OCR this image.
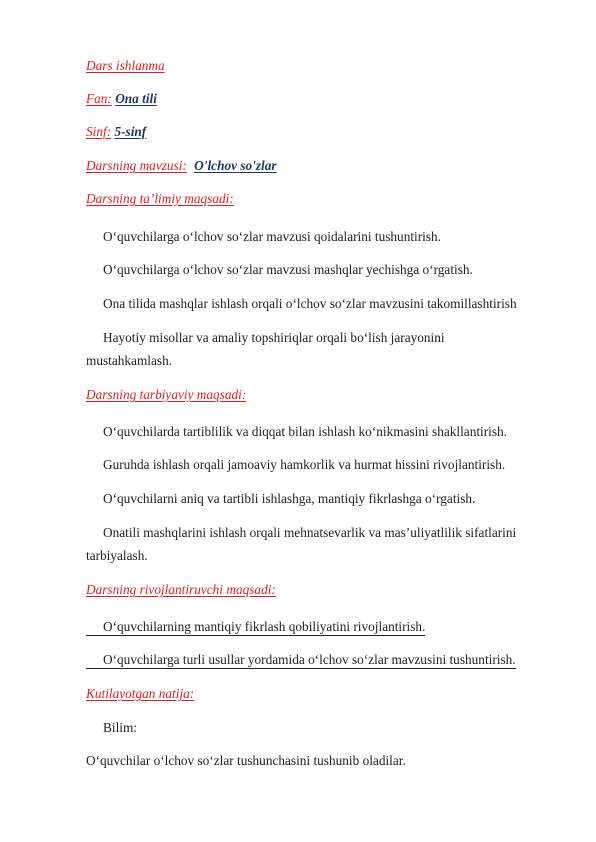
Dars ishlanma
Fan: Ona tili
Sinf: 5-sinf
Darsning mavzusi: O'lchov so'zlar
Darsning ta’limiy maqsadi:
O‘quvchilarga o‘lchov so‘zlar mavzusi qoidalarini tushuntirish.
O‘quvchilarga o‘lchov so‘zlar mavzusi mashqlar yechishga o‘rgatish.
Ona tilida mashqlar ishlash orqali o‘lchov so‘zlar mavzusini takomillashtirish
Hayotiy misollar va amaliy topshiriqlar orqali bo‘lish jarayonini
mustahkamlash.
Darsning tarbiyaviy maqsadi:
O‘quvchilarda tartiblilik va diqqat bilan ishlash ko‘nikmasini shakllantirish.
Guruhda ishlash orqali jamoaviy hamkorlik va hurmat hissini rivojlantirish.
O‘quvchilarni aniq va tartibli ishlashga, mantiqiy fikrlashga o‘rgatish.
Onatili mashqlarini ishlash orqali mehnatsevarlik va mas’uliyatlilik sifatlarini
tarbiyalash.
Darsning rivojlantiruvchi maqsadi:
O‘quvchilarning mantiqiy fikrlash qobiliyatini rivojlantirish.
O‘quvchilarga turli usullar yordamida o‘lchov so‘zlar mavzusini tushuntirish.
Kutilayotgan natija:
Bilim:
O‘quvchilar o‘lchov so‘zlar tushunchasini tushunib oladilar.
